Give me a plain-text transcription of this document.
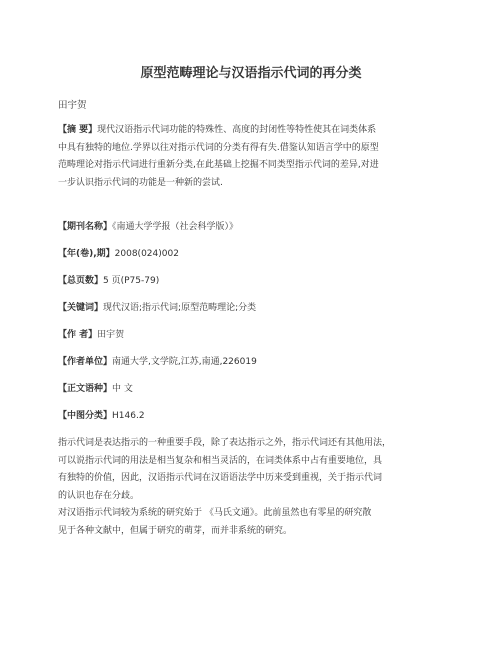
原型范畴理论与汉语指示代词的再分类
田宇贺
【摘 要】现代汉语指示代词功能的特殊性、高度的封闭性等特性使其在词类体系
中具有独特的地位.学界以往对指示代词的分类有得有失.借鉴认知语言学中的原型
范畴理论对指示代词进行重新分类,在此基础上挖掘不同类型指示代词的差异,对进
一步认识指示代词的功能是一种新的尝试.
【期刊名称】《南通大学学报（社会科学版）》
【年(卷),期】2008(024)002
【总页数】5 页(P75-79)
【关键词】现代汉语;指示代词;原型范畴理论;分类
【作 者】田宇贺
【作者单位】南通大学,文学院,江苏,南通,226019
【正文语种】中 文
【中图分类】H146.2
指示代词是表达指示的一种重要手段，除了表达指示之外，指示代词还有其他用法，
可以说指示代词的用法是相当复杂和相当灵活的，在词类体系中占有重要地位，具
有独特的价值，因此，汉语指示代词在汉语语法学中历来受到重视，关于指示代词
的认识也存在分歧。
对汉语指示代词较为系统的研究始于 《马氏文通》。此前虽然也有零星的研究散
见于各种文献中，但属于研究的萌芽，而并非系统的研究。
